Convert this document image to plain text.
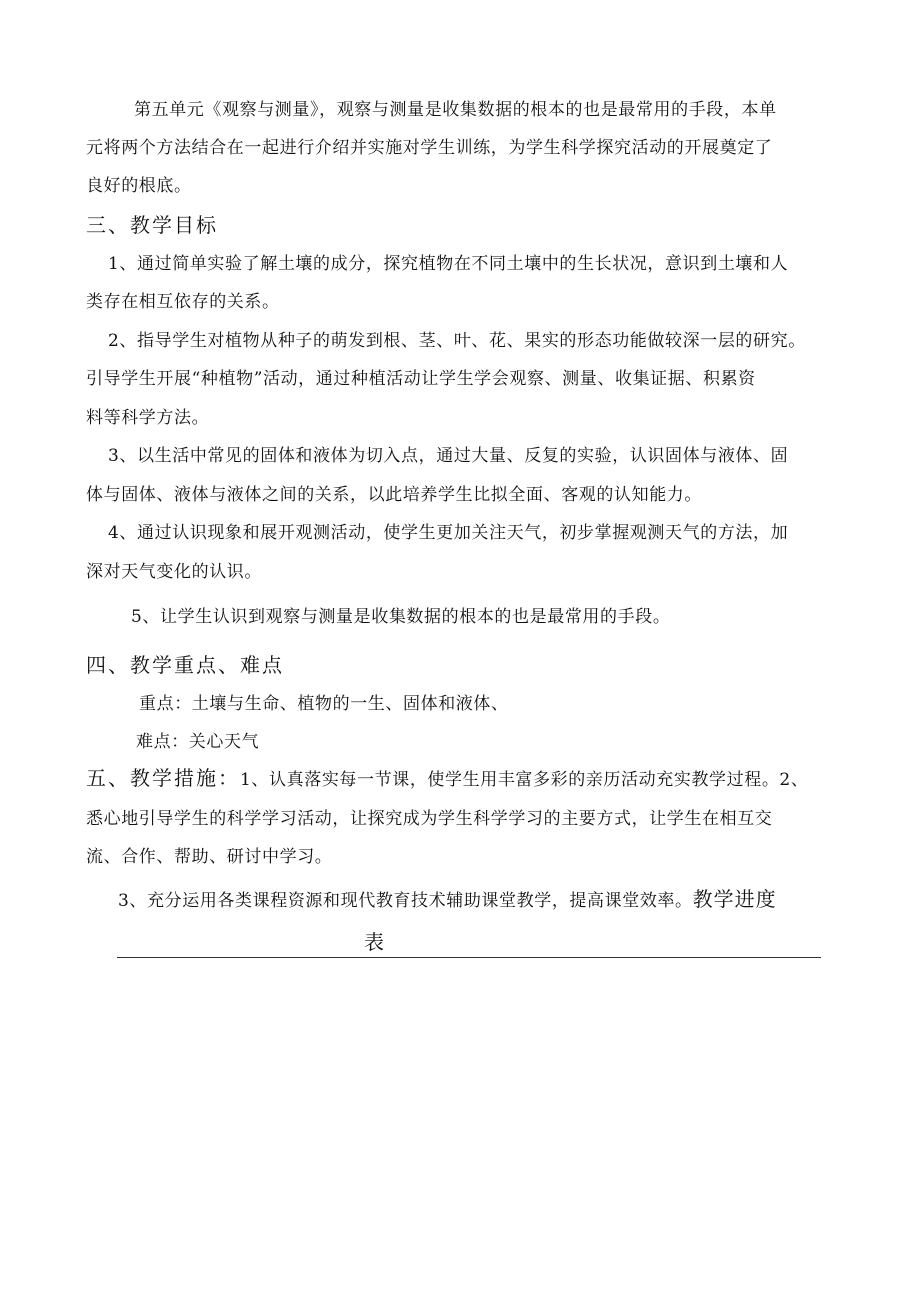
第五单元《观察与测量》，观察与测量是收集数据的根本的也是最常用的手段，本单
元将两个方法结合在一起进行介绍并实施对学生训练，为学生科学探究活动的开展奠定了
良好的根底。
三、教学目标
1、通过简单实验了解土壤的成分，探究植物在不同土壤中的生长状况，意识到土壤和人
类存在相互依存的关系。
2、指导学生对植物从种子的萌发到根、茎、叶、花、果实的形态功能做较深一层的研究。
引导学生开展“种植物”活动，通过种植活动让学生学会观察、测量、收集证据、积累资
料等科学方法。
3、以生活中常见的固体和液体为切入点，通过大量、反复的实验，认识固体与液体、固
体与固体、液体与液体之间的关系，以此培养学生比拟全面、客观的认知能力。
4、通过认识现象和展开观测活动，使学生更加关注天气，初步掌握观测天气的方法，加
深对天气变化的认识。
5、让学生认识到观察与测量是收集数据的根本的也是最常用的手段。
四、教学重点、难点
重点：土壤与生命、植物的一生、固体和液体、
难点：关心天气
五、教学措施：1、认真落实每一节课，使学生用丰富多彩的亲历活动充实教学过程。2、
悉心地引导学生的科学学习活动，让探究成为学生科学学习的主要方式，让学生在相互交
流、合作、帮助、研讨中学习。
3、充分运用各类课程资源和现代教育技术辅助课堂教学，提高课堂效率。教学进度
表
